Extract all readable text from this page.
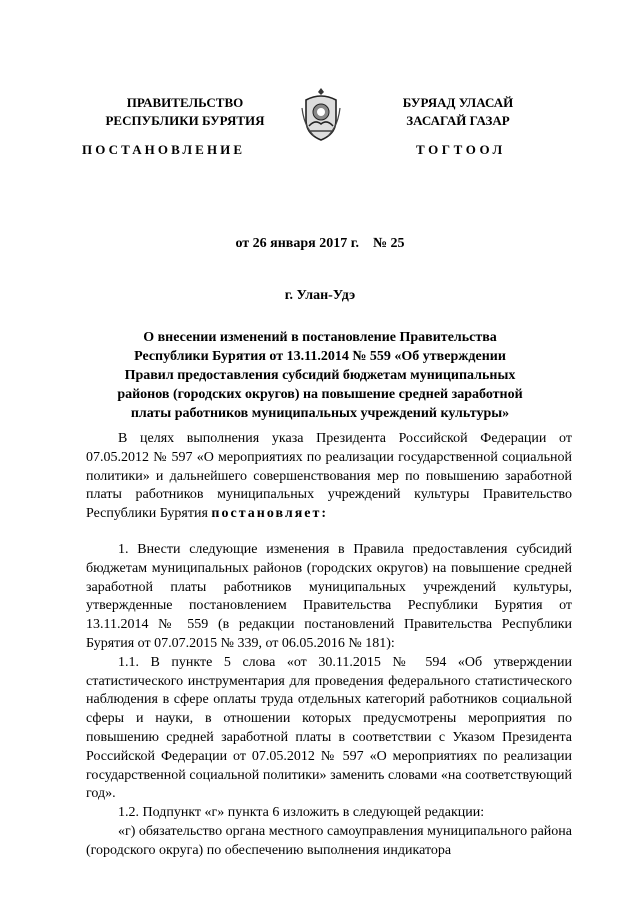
ПРАВИТЕЛЬСТВО
РЕСПУБЛИКИ БУРЯТИЯ
БУРЯАД УЛАСАЙ
ЗАСАГАЙ ГАЗАР
ПОСТАНОВЛЕНИЕ	ТОГТООЛ
от 26 января 2017 г.    № 25
г. Улан-Удэ
О внесении изменений в постановление Правительства
Республики Бурятия от 13.11.2014 № 559 «Об утверждении
Правил предоставления субсидий бюджетам муниципальных
районов (городских округов) на повышение средней заработной
платы работников муниципальных учреждений культуры»

В целях выполнения указа Президента Российской Федерации от 07.05.2012 № 597 «О мероприятиях по реализации государственной социальной политики» и дальнейшего совершенствования мер по повышению заработной платы работников муниципальных учреждений культуры Правительство Республики Бурятия постановляет:

1. Внести следующие изменения в Правила предоставления субсидий бюджетам муниципальных районов (городских округов) на повышение средней заработной платы работников муниципальных учреждений культуры, утвержденные постановлением Правительства Республики Бурятия от 13.11.2014 № 559 (в редакции постановлений Правительства Республики Бурятия от 07.07.2015 № 339, от 06.05.2016 № 181):

1.1. В пункте 5 слова «от 30.11.2015 № 594 «Об утверждении статистического инструментария для проведения федерального статистического наблюдения в сфере оплаты труда отдельных категорий работников социальной сферы и науки, в отношении которых предусмотрены мероприятия по повышению средней заработной платы в соответствии с Указом Президента Российской Федерации от 07.05.2012 № 597 «О мероприятиях по реализации государственной социальной политики» заменить словами «на соответствующий год».

1.2. Подпункт «г» пункта 6 изложить в следующей редакции:

«г) обязательство органа местного самоуправления муниципального района (городского округа) по обеспечению выполнения индикатора
